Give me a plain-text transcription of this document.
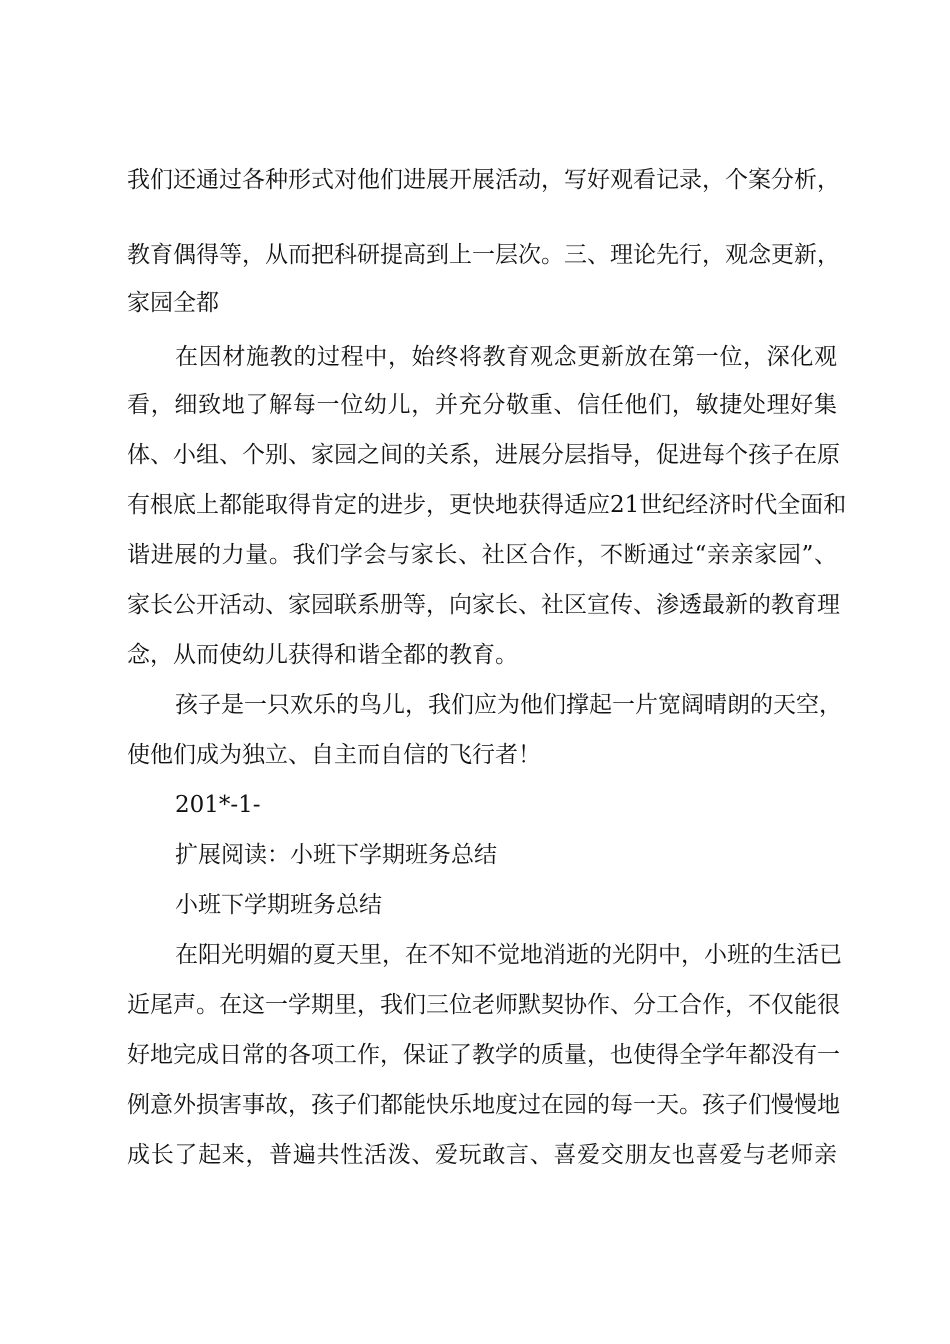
我们还通过各种形式对他们进展开展活动，写好观看记录，个案分析，
教育偶得等，从而把科研提高到上一层次。三、理论先行，观念更新，
家园全都
在因材施教的过程中，始终将教育观念更新放在第一位，深化观
看，细致地了解每一位幼儿，并充分敬重、信任他们，敏捷处理好集
体、小组、个别、家园之间的关系，进展分层指导，促进每个孩子在原
有根底上都能取得肯定的进步，更快地获得适应21世纪经济时代全面和
谐进展的力量。我们学会与家长、社区合作，不断通过“亲亲家园”、
家长公开活动、家园联系册等，向家长、社区宣传、渗透最新的教育理
念，从而使幼儿获得和谐全都的教育。
孩子是一只欢乐的鸟儿，我们应为他们撑起一片宽阔晴朗的天空，
使他们成为独立、自主而自信的飞行者！
201*-1-
扩展阅读：小班下学期班务总结
小班下学期班务总结
在阳光明媚的夏天里，在不知不觉地消逝的光阴中，小班的生活已
近尾声。在这一学期里，我们三位老师默契协作、分工合作，不仅能很
好地完成日常的各项工作，保证了教学的质量，也使得全学年都没有一
例意外损害事故，孩子们都能快乐地度过在园的每一天。孩子们慢慢地
成长了起来，普遍共性活泼、爱玩敢言、喜爱交朋友也喜爱与老师亲
